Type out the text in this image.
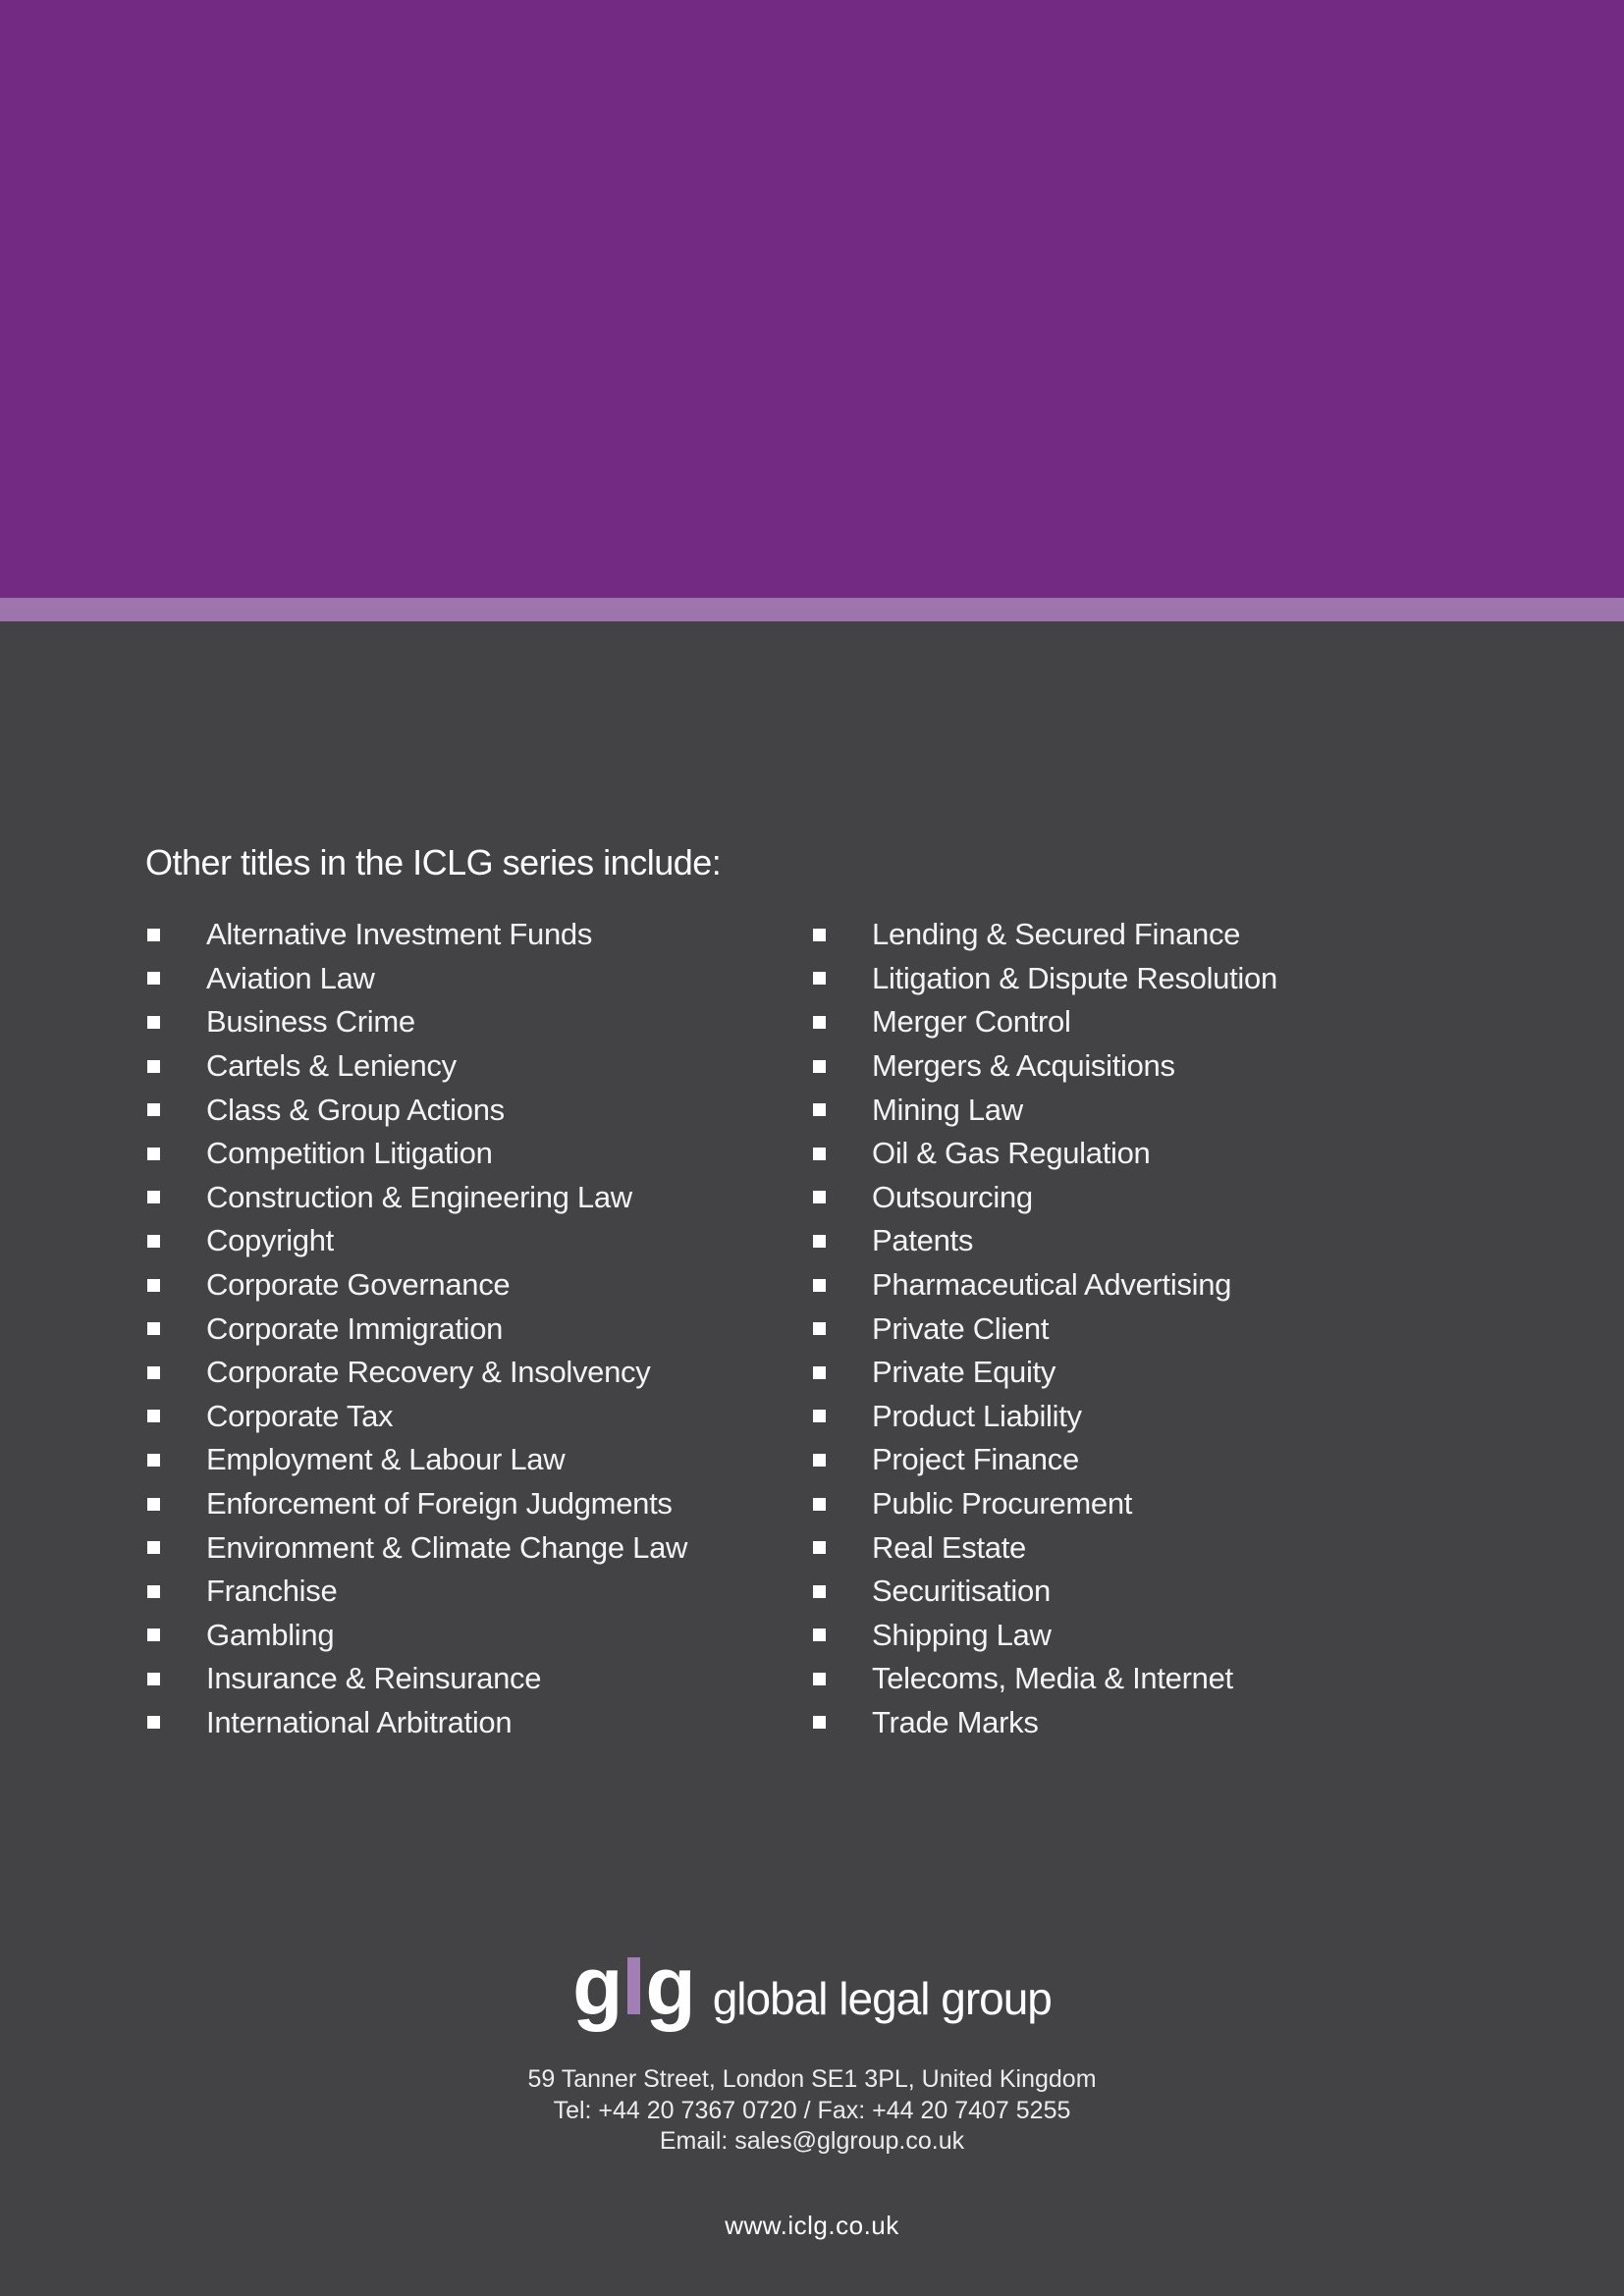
Other titles in the ICLG series include:
Alternative Investment Funds
Aviation Law
Business Crime
Cartels & Leniency
Class & Group Actions
Competition Litigation
Construction & Engineering Law
Copyright
Corporate Governance
Corporate Immigration
Corporate Recovery & Insolvency
Corporate Tax
Employment & Labour Law
Enforcement of Foreign Judgments
Environment & Climate Change Law
Franchise
Gambling
Insurance & Reinsurance
International Arbitration
Lending & Secured Finance
Litigation & Dispute Resolution
Merger Control
Mergers & Acquisitions
Mining Law
Oil & Gas Regulation
Outsourcing
Patents
Pharmaceutical Advertising
Private Client
Private Equity
Product Liability
Project Finance
Public Procurement
Real Estate
Securitisation
Shipping Law
Telecoms, Media & Internet
Trade Marks
g g global legal group
59 Tanner Street, London SE1 3PL, United Kingdom
Tel: +44 20 7367 0720 / Fax: +44 20 7407 5255
Email: sales@glgroup.co.uk
www.iclg.co.uk
